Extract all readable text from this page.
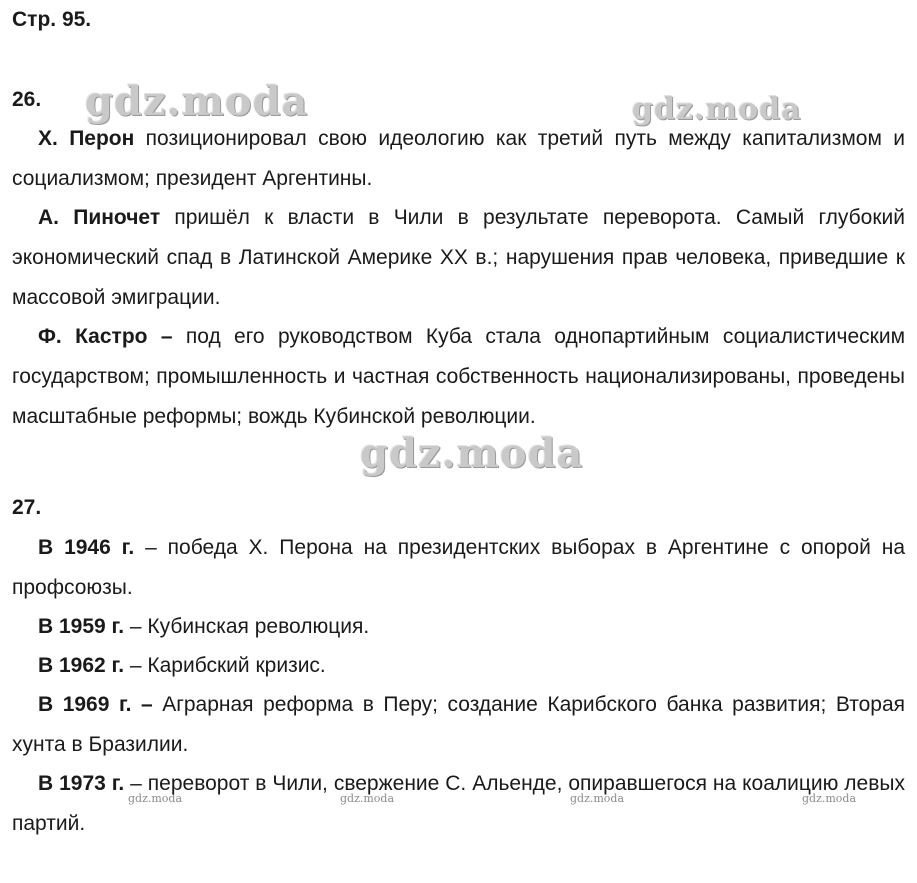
Стр. 95.
gdz.moda	gdz.moda
gdz.moda
gdz.moda	gdz.moda	gdz.moda	gdz.moda
26.

Х. Перон позиционировал свою идеологию как третий путь между капитализмом и социализмом; президент Аргентины.

А. Пиночет пришёл к власти в Чили в результате переворота. Самый глубокий экономический спад в Латинской Америке XX в.; нарушения прав человека, приведшие к массовой эмиграции.

Ф. Кастро – под его руководством Куба стала однопартийным социалистическим государством; промышленность и частная собственность национализированы, проведены масштабные реформы; вождь Кубинской революции.

27.

В 1946 г. – победа Х. Перона на президентских выборах в Аргентине с опорой на профсоюзы.

В 1959 г. – Кубинская революция.

В 1962 г. – Карибский кризис.

В 1969 г. – Аграрная реформа в Перу; создание Карибского банка развития; Вторая хунта в Бразилии.

В 1973 г. – переворот в Чили, свержение С. Альенде, опиравшегося на коалицию левых партий.
